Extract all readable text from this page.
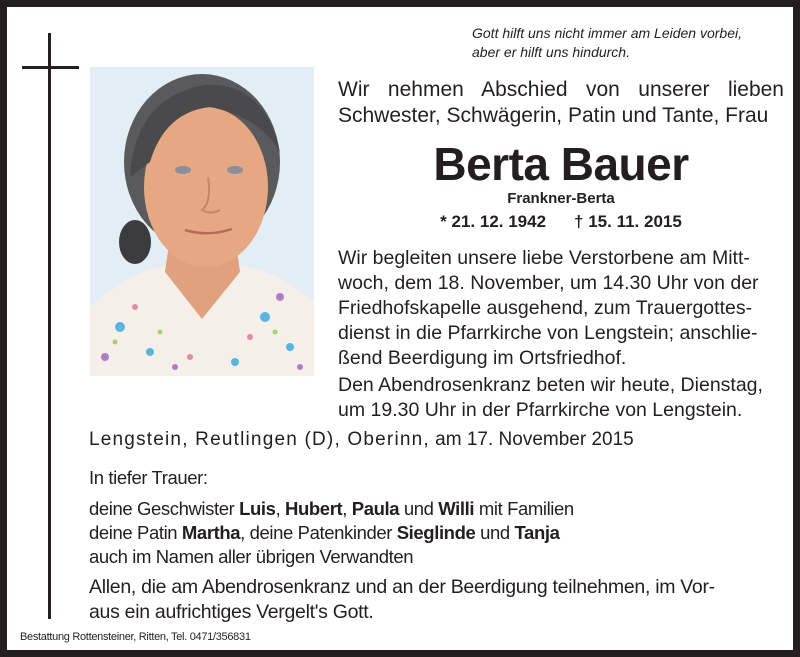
Gott hilft uns nicht immer am Leiden vorbei,
aber er hilft uns hindurch.
Wir nehmen Abschied von unserer lieben
Schwester, Schwägerin, Patin und Tante, Frau
Berta Bauer
Frankner-Berta
* 21. 12. 1942 † 15. 11. 2015
Wir begleiten unsere liebe Verstorbene am Mitt-
woch, dem 18. November, um 14.30 Uhr von der
Friedhofskapelle ausgehend, zum Trauergottes-
dienst in die Pfarrkirche von Lengstein; anschlie-
ßend Beerdigung im Ortsfriedhof.
Den Abendrosenkranz beten wir heute, Dienstag,
um 19.30 Uhr in der Pfarrkirche von Lengstein.
Lengstein, Reutlingen (D), Oberinn, am 17. November 2015
In tiefer Trauer:
deine Geschwister Luis, Hubert, Paula und Willi mit Familien
deine Patin Martha, deine Patenkinder Sieglinde und Tanja
auch im Namen aller übrigen Verwandten
Allen, die am Abendrosenkranz und an der Beerdigung teilnehmen, im Vor-
aus ein aufrichtiges Vergelt's Gott.
Bestattung Rottensteiner, Ritten, Tel. 0471/356831
